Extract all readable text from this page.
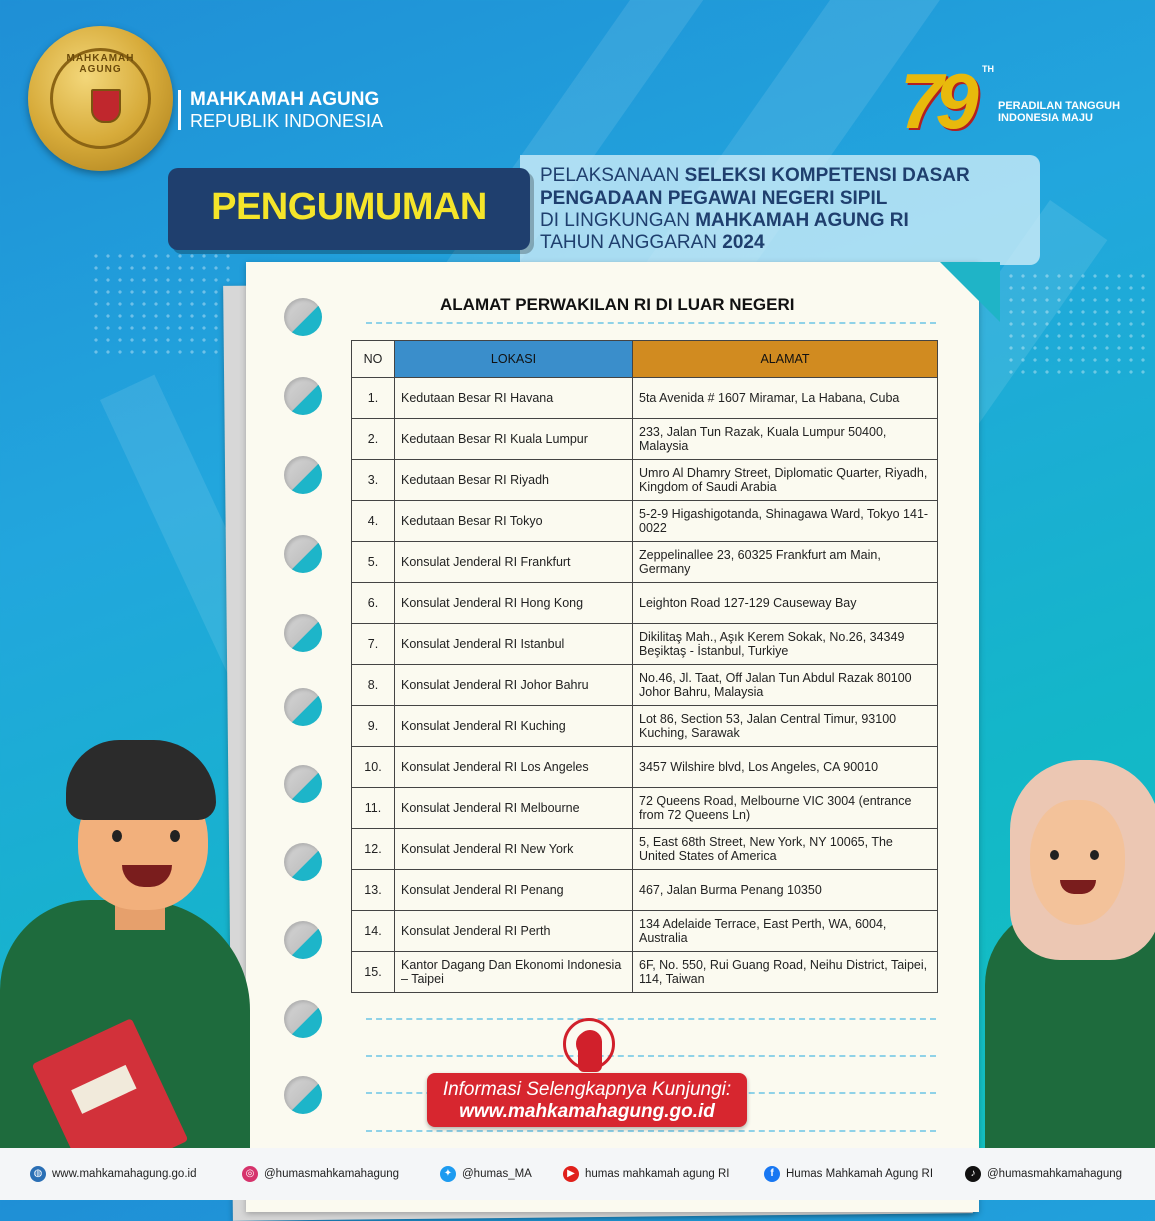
MAHKAMAH AGUNG
MAHKAMAH AGUNG
REPUBLIK INDONESIA	79 TH
PERADILAN TANGGUH
INDONESIA MAJU
PELAKSANAAN SELEKSI KOMPETENSI DASAR
PENGADAAN PEGAWAI NEGERI SIPIL
DI LINGKUNGAN MAHKAMAH AGUNG RI
TAHUN ANGGARAN 2024
PENGUMUMAN
ALAMAT PERWAKILAN RI DI LUAR NEGERI
NO	LOKASI	ALAMAT
1.	Kedutaan Besar RI Havana	5ta Avenida # 1607 Miramar, La Habana, Cuba
2.	Kedutaan Besar RI Kuala Lumpur	233, Jalan Tun Razak, Kuala Lumpur 50400, Malaysia
3.	Kedutaan Besar RI Riyadh	Umro Al Dhamry Street, Diplomatic Quarter, Riyadh, Kingdom of Saudi Arabia
4.	Kedutaan Besar RI Tokyo	5-2-9 Higashigotanda, Shinagawa Ward, Tokyo 141-0022
5.	Konsulat Jenderal RI Frankfurt	Zeppelinallee 23, 60325 Frankfurt am Main, Germany
6.	Konsulat Jenderal RI Hong Kong	Leighton Road 127-129 Causeway Bay
7.	Konsulat Jenderal RI Istanbul	Dikilitaş Mah., Aşık Kerem Sokak, No.26, 34349 Beşiktaş - İstanbul, Turkiye
8.	Konsulat Jenderal RI Johor Bahru	No.46, Jl. Taat, Off Jalan Tun Abdul Razak 80100 Johor Bahru, Malaysia
9.	Konsulat Jenderal RI Kuching	Lot 86, Section 53, Jalan Central Timur, 93100 Kuching, Sarawak
10.	Konsulat Jenderal RI Los Angeles	3457 Wilshire blvd, Los Angeles, CA 90010
11.	Konsulat Jenderal RI Melbourne	72 Queens Road, Melbourne VIC 3004 (entrance from 72 Queens Ln)
12.	Konsulat Jenderal RI New York	5, East 68th Street, New York, NY 10065, The United States of America
13.	Konsulat Jenderal RI Penang	467, Jalan Burma Penang 10350
14.	Konsulat Jenderal RI Perth	134 Adelaide Terrace, East Perth, WA, 6004, Australia
15.	Kantor Dagang Dan Ekonomi Indonesia – Taipei	6F, No. 550, Rui Guang Road, Neihu District, Taipei, 114, Taiwan
Informasi Selengkapnya Kunjungi:
www.mahkamahagung.go.id
◍ www.mahkamahagung.go.id	◎ @humasmahkamahagung	✦ @humas_MA	▶ humas mahkamah agung RI	f Humas Mahkamah Agung RI	♪ @humasmahkamahagung
